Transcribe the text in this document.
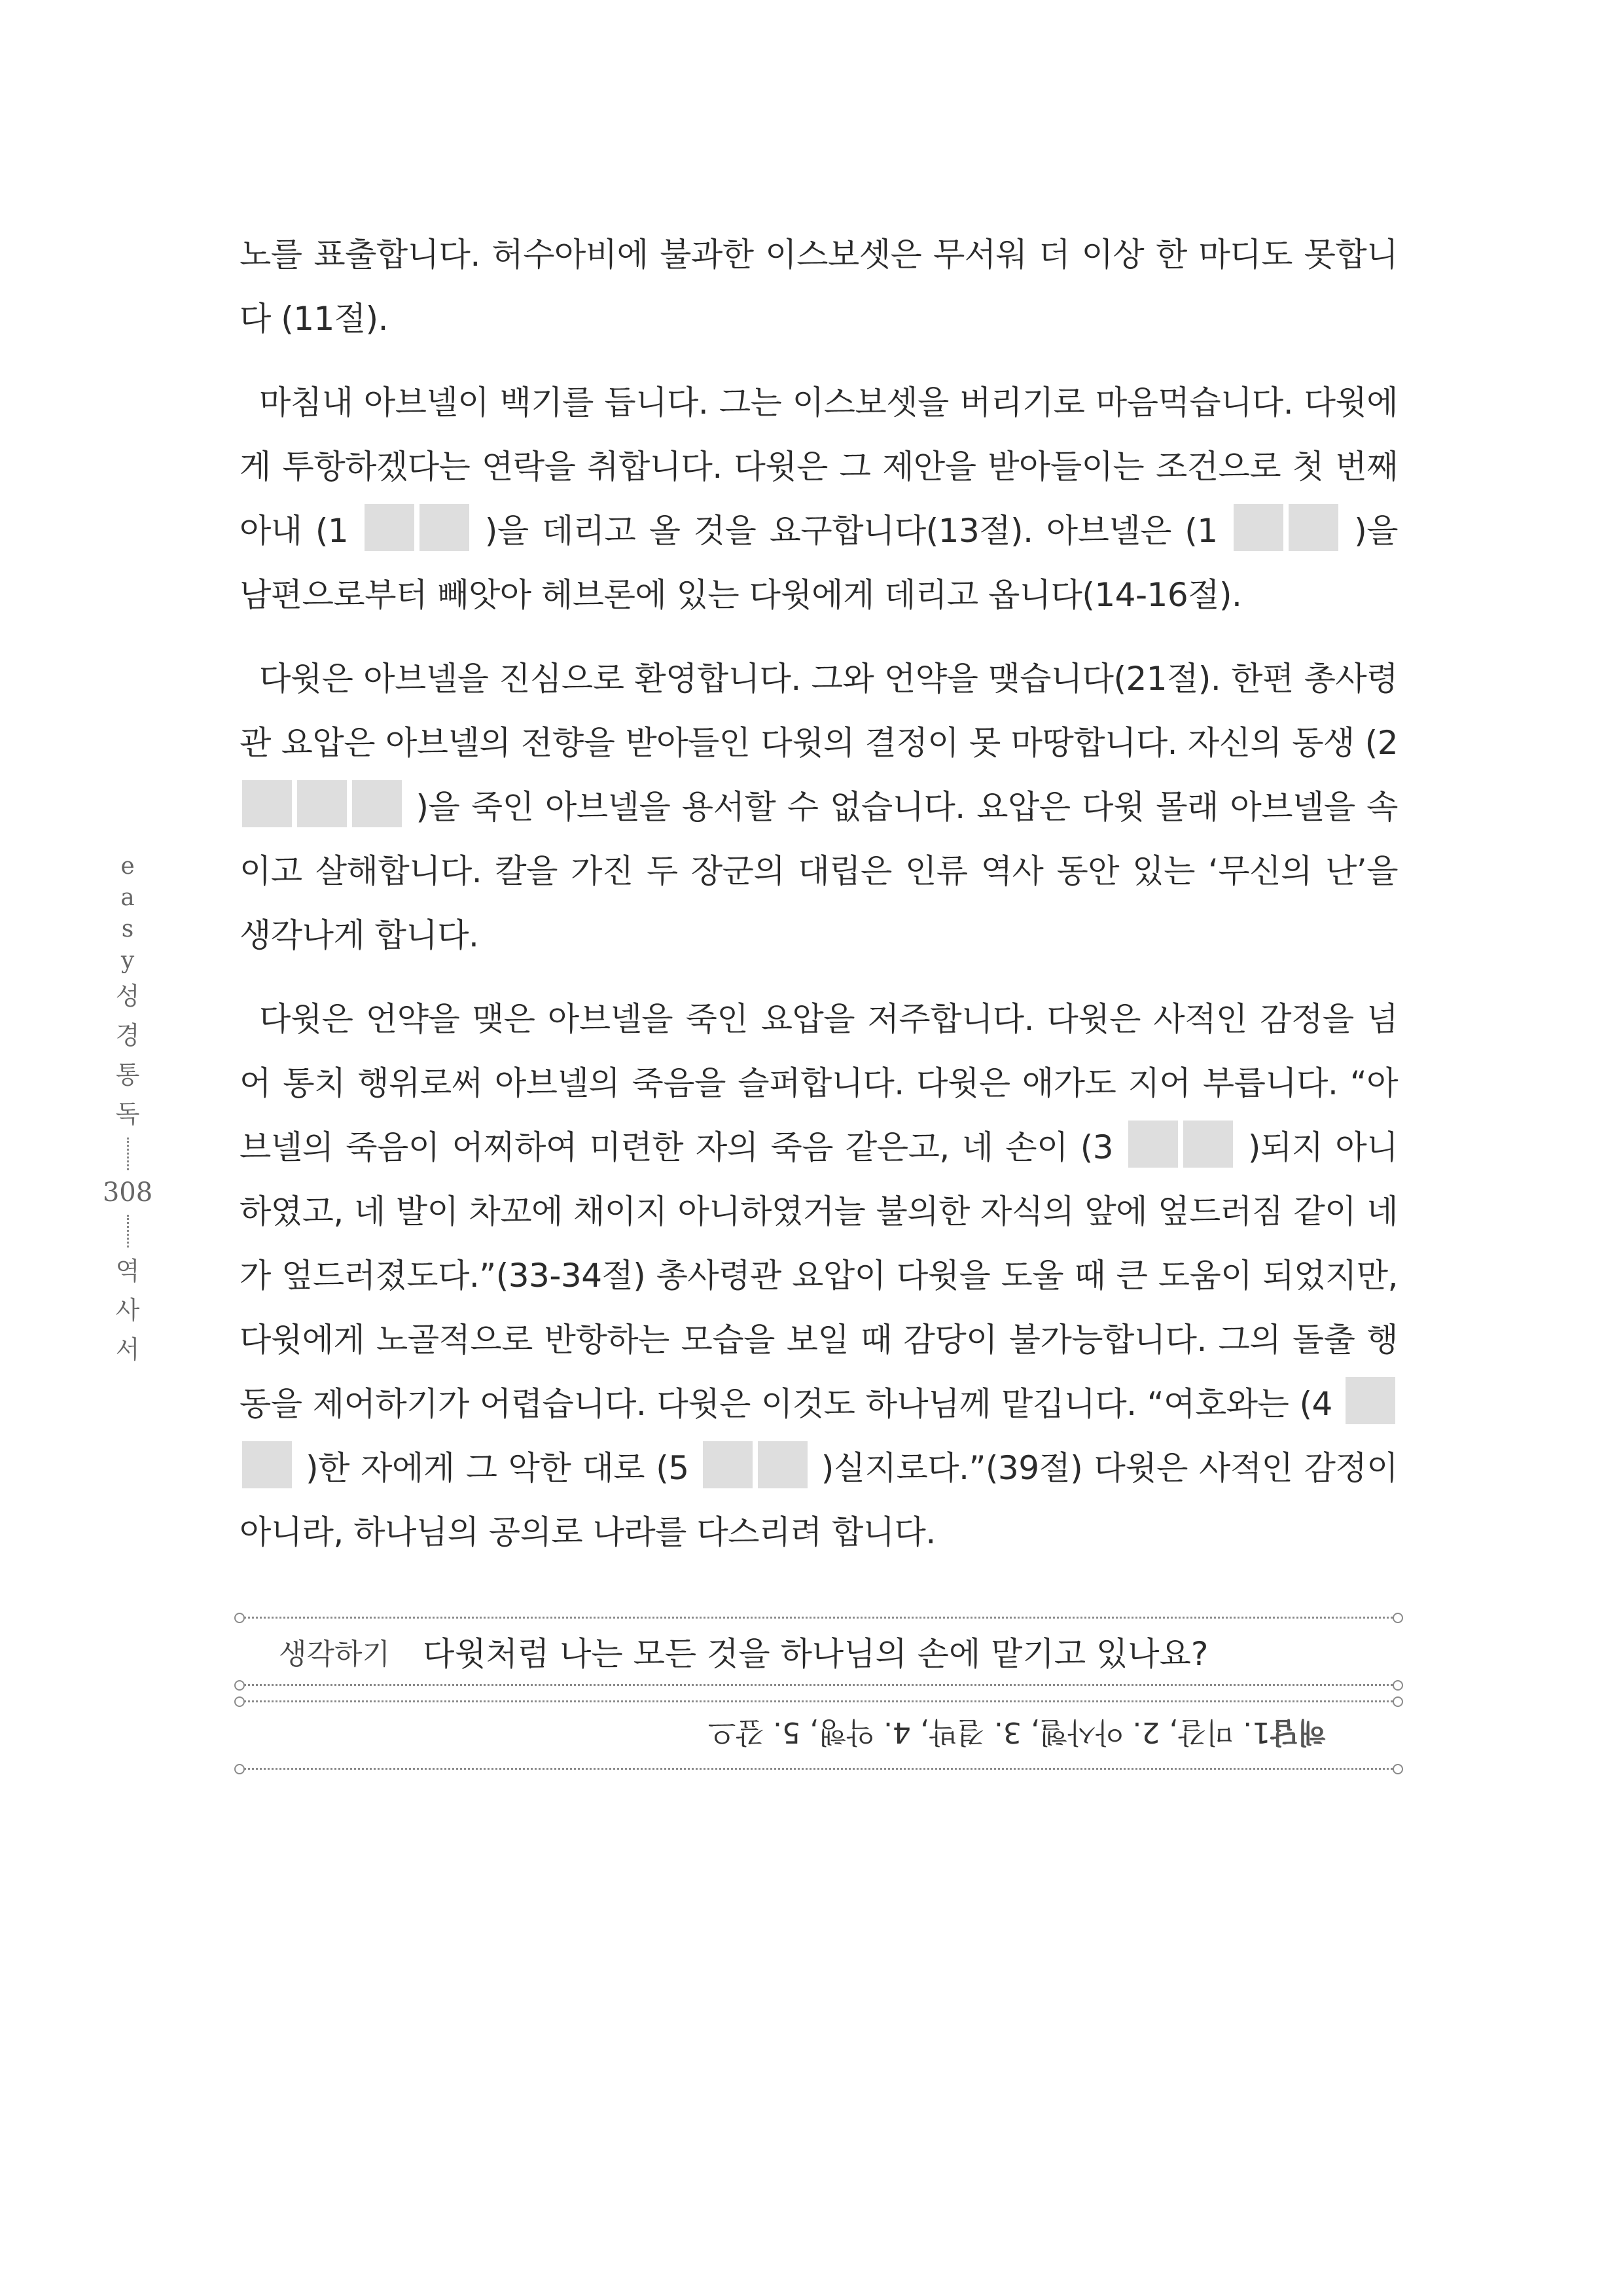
e
a
s
y
성
경
통
독
308
역
사
서

노를 표출합니다. 허수아비에 불과한 이스보셋은 무서워 더 이상 한 마디도 못합니다 (11절).

마침내 아브넬이 백기를 듭니다. 그는 이스보셋을 버리기로 마음먹습니다. 다윗에게 투항하겠다는 연락을 취합니다. 다윗은 그 제안을 받아들이는 조건으로 첫 번째 아내 (1	)을 데리고 올 것을 요구합니다(13절). 아브넬은 (1	)을 남편으로부터 빼앗아 헤브론에 있는 다윗에게 데리고 옵니다(14-16절).

다윗은 아브넬을 진심으로 환영합니다. 그와 언약을 맺습니다(21절). 한편 총사령관 요압은 아브넬의 전향을 받아들인 다윗의 결정이 못 마땅합니다. 자신의 동생 (2  )을 죽인 아브넬을 용서할 수 없습니다. 요압은 다윗 몰래 아브넬을 속이고 살해합니다. 칼을 가진 두 장군의 대립은 인류 역사 동안 있는 ‘무신의 난’을 생각나게 합니다.

다윗은 언약을 맺은 아브넬을 죽인 요압을 저주합니다. 다윗은 사적인 감정을 넘어 통치 행위로써 아브넬의 죽음을 슬퍼합니다. 다윗은 애가도 지어 부릅니다. “아브넬의 죽음이 어찌하여 미련한 자의 죽음 같은고, 네 손이 (3	)되지 아니하였고, 네 발이 차꼬에 채이지 아니하였거늘 불의한 자식의 앞에 엎드러짐 같이 네가 엎드러졌도다.”(33-34절) 총사령관 요압이 다윗을 도울 때 큰 도움이 되었지만, 다윗에게 노골적으로 반항하는 모습을 보일 때 감당이 불가능합니다. 그의 돌출 행동을 제어하기가 어렵습니다. 다윗은 이것도 하나님께 맡깁니다. “여호와는 (4  )한 자에게 그 악한 대로 (5	)실지로다.”(39절) 다윗은 사적인 감정이 아니라, 하나님의 공의로 나라를 다스리려 합니다.

생각하기 다윗처럼 나는 모든 것을 하나님의 손에 맡기고 있나요?
해답
1. 미갈, 2. 아사헬, 3. 결박, 4. 악행, 5. 갚으
